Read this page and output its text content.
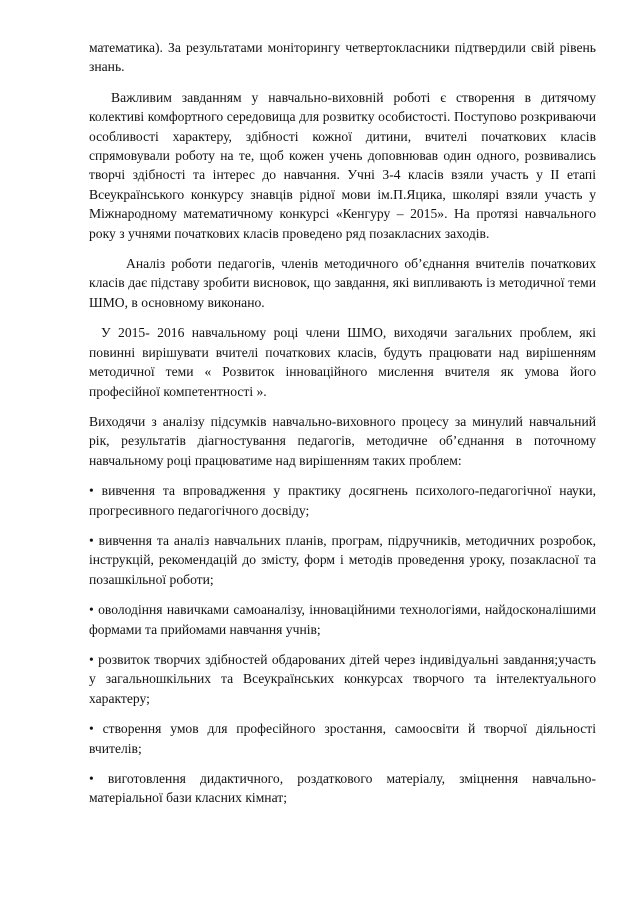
математика). За результатами моніторингу четвертокласники підтвердили свій рівень знань.

Важливим завданням у навчально-виховній роботі є створення в дитячому колективі комфортного середовища для розвитку особистості. Поступово розкриваючи особливості характеру, здібності кожної дитини, вчителі початкових класів спрямовували роботу на те, щоб кожен учень доповнював один одного, розвивались творчі здібності та інтерес до навчання. Учні 3-4 класів взяли участь у ІІ етапі Всеукраїнського конкурсу знавців рідної мови ім.П.Яцика, школярі взяли участь у Міжнародному математичному конкурсі «Кенгуру – 2015». На протязі навчального року з учнями початкових класів проведено ряд позакласних заходів.

Аналіз роботи педагогів, членів методичного об’єднання вчителів початкових класів дає підставу зробити висновок, що завдання, які випливають із методичної теми ШМО, в основному виконано.

У 2015- 2016 навчальному році члени ШМО, виходячи загальних проблем, які повинні вирішувати вчителі початкових класів, будуть працювати над вирішенням методичної теми « Розвиток інноваційного мислення вчителя як умова його професійної компетентності ».

Виходячи з аналізу підсумків навчально-виховного процесу за минулий навчальний рік, результатів діагностування педагогів, методичне об’єднання в поточному навчальному році працюватиме над вирішенням таких проблем:

• вивчення та впровадження у практику досягнень психолого-педагогічної науки, прогресивного педагогічного досвіду;

• вивчення та аналіз навчальних планів, програм, підручників, методичних розробок, інструкцій, рекомендацій до змісту, форм і методів проведення уроку, позакласної та позашкільної роботи;

• оволодіння навичками самоаналізу, інноваційними технологіями, найдосконалішими формами та прийомами навчання учнів;

• розвиток творчих здібностей обдарованих дітей через індивідуальні завдання;участь у загальношкільних та Всеукраїнських конкурсах творчого та інтелектуального характеру;

• створення умов для професійного зростання, самоосвіти й творчої діяльності вчителів;

• виготовлення дидактичного, роздаткового матеріалу, зміцнення навчально-матеріальної бази класних кімнат;
